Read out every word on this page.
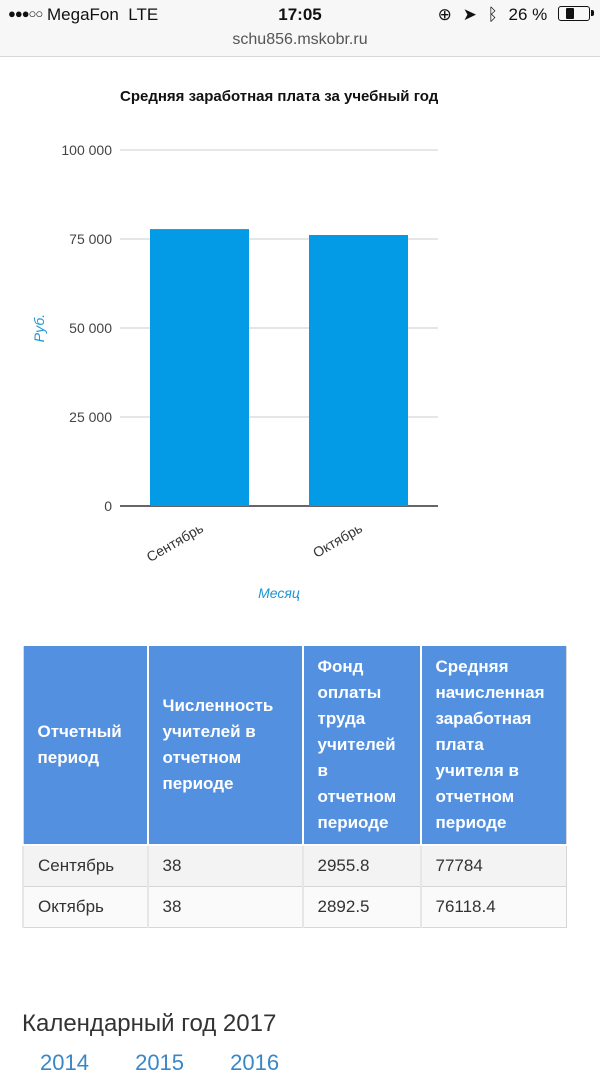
●●●○○ MegaFon LTE	17:05	⊕ ➤ ᛒ 26 %
schu856.mskobr.ru
Средняя заработная плата за учебный год
0
25 000
50 000
75 000
100 000
Сентябрь	Октябрь
Месяц
Руб.
Отчетный период	Численность учителей в отчетном периоде	Фонд оплаты труда учителей в отчетном периоде	Средняя начисленная заработная плата учителя в отчетном периоде
Сентябрь	38	2955.8	77784
Октябрь	38	2892.5	76118.4
Календарный год 2017
2014 2015 2016
